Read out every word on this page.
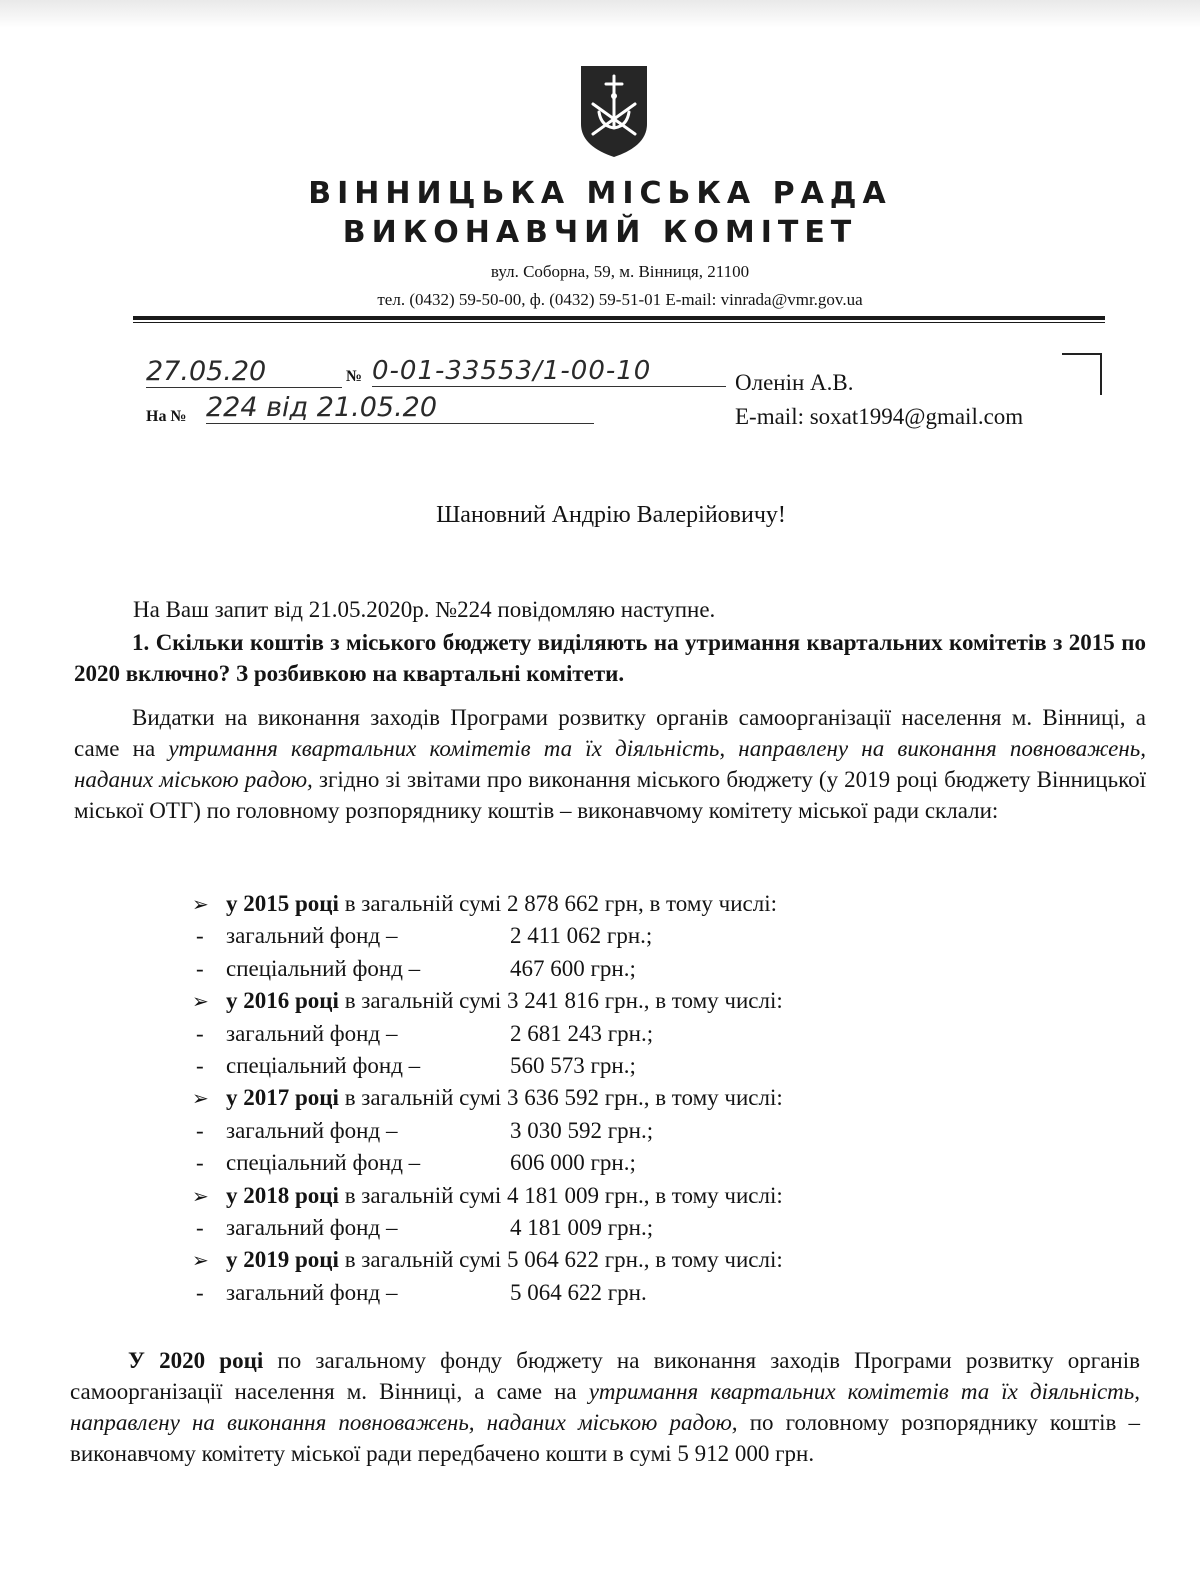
ВІННИЦЬКА МІСЬКА РАДА
ВИКОНАВЧИЙ КОМІТЕТ
вул. Соборна, 59, м. Вінниця, 21100
тел. (0432) 59-50-00, ф. (0432) 59-51-01 E-mail: vinrada@vmr.gov.ua
27.05.20	№ 0-01-33553/1-00-10
На № 224 від 21.05.20
Оленін А.В.
E-mail: soxat1994@gmail.com
Шановний Андрію Валерійовичу!
На Ваш запит від 21.05.2020р. №224 повідомляю наступне.
1. Скільки коштів з міського бюджету виділяють на утримання квартальних комітетів з 2015 по 2020 включно? З розбивкою на квартальні комітети.
Видатки на виконання заходів Програми розвитку органів самоорганізації населення м. Вінниці, а саме на утримання квартальних комітетів та їх діяльність, направлену на виконання повноважень, наданих міською радою, згідно зі звітами про виконання міського бюджету (у 2019 році бюджету Вінницької міської ОТГ) по головному розпоряднику коштів – виконавчому комітету міської ради склали:
➢ у 2015 році в загальній сумі 2 878 662 грн, в тому числі:
- загальний фонд –	2 411 062 грн.;
- спеціальний фонд –	467 600 грн.;
➢ у 2016 році в загальній сумі 3 241 816 грн., в тому числі:
- загальний фонд –	2 681 243 грн.;
- спеціальний фонд –	560 573 грн.;
➢ у 2017 році в загальній сумі 3 636 592 грн., в тому числі:
- загальний фонд –	3 030 592 грн.;
- спеціальний фонд –	606 000 грн.;
➢ у 2018 році в загальній сумі 4 181 009 грн., в тому числі:
- загальний фонд –	4 181 009 грн.;
➢ у 2019 році в загальній сумі 5 064 622 грн., в тому числі:
- загальний фонд –	5 064 622 грн.
У 2020 році по загальному фонду бюджету на виконання заходів Програми розвитку органів самоорганізації населення м. Вінниці, а саме на утримання квартальних комітетів та їх діяльність, направлену на виконання повноважень, наданих міською радою, по головному розпоряднику коштів – виконавчому комітету міської ради передбачено кошти в сумі 5 912 000 грн.
